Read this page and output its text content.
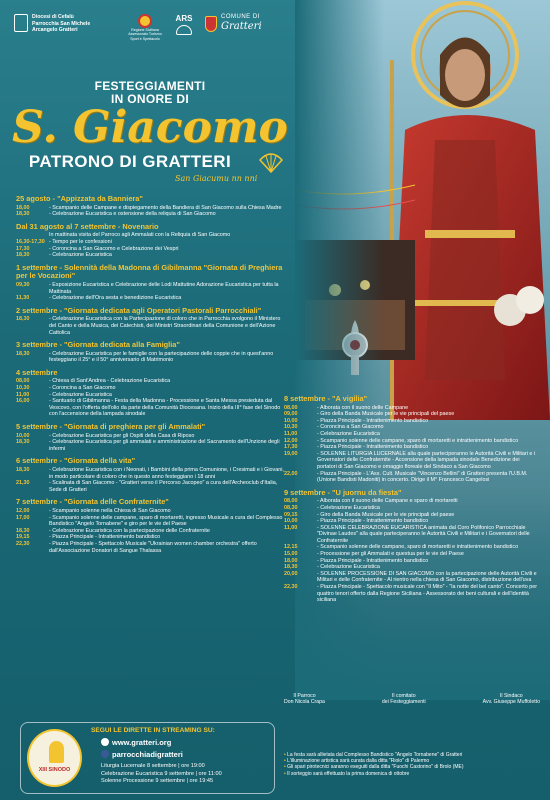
Diocesi di Cefalù
Parrocchia San Michele Arcangelo Gratteri	Regione Siciliana Assessorato Turismo Sport e Spettacolo
ARS	COMUNE DI
Gratteri
FESTEGGIAMENTI
IN ONORE DI
S. Giacomo
PATRONO DI GRATTERI
San Giacumu nn nni
25 agosto - "Appizzata da Banniera"
18,00	- Scampanio delle Campane e dispiegamento della Bandiera di San Giacomo sulla Chiesa Madre
18,30	- Celebrazione Eucaristica e ostensione della reliquia di San Giacomo
Dal 31 agosto al 7 settembre - Novenario
In mattinata visita del Parroco agli Ammalati con la Reliquia di San Giacomo
16,30-17,30 - Tempo per le confessioni
17,30	- Coroncina a San Giacomo e Celebrazione dei Vespri
18,30	- Celebrazione Eucaristica
1 settembre - Solennità della Madonna di Gibilmanna "Giornata di Preghiera per le Vocazioni"
09,30	- Esposizione Eucaristica e Celebrazione delle Lodi Mattutine Adorazione Eucaristica per tutta la Mattinata
11,30	- Celebrazione dell'Ora sesta e benedizione Eucaristica
2 settembre - "Giornata dedicata agli Operatori Pastorali Parrocchiali"
18,30	- Celebrazione Eucaristica con la Partecipazione di coloro che in Parrocchia svolgono il Ministero del Canto e della Musica, dei Catechisti, dei Ministri Straordinari della Comunione e dell'Azione Cattolica
3 settembre - "Giornata dedicata alla Famiglia"
18,30	- Celebrazione Eucaristica per le famiglie con la partecipazione delle coppie che in quest'anno festeggiano il 25° e il 50° anniversario di Matrimonio
4 settembre
08,00	- Chiesa di Sant'Andrea - Celebrazione Eucaristica
10,30	- Coroncina a San Giacomo
11,00	- Celebrazione Eucaristica
16,00	- Santuario di Gibilmanna - Festa della Madonna - Processione e Santa Messa presieduta dal Vescovo, con l'offerta dell'olio da parte della Comunità Diocesana. Inizio della III° fase del Sinodo con l'accensione della lampada sinodale
5 settembre - "Giornata di preghiera per gli Ammalati"
10,00	- Celebrazione Eucaristica per gli Ospiti della Casa di Riposo
18,30	- Celebrazione Eucaristica per gli ammalati e amministrazione del Sacramento dell'Unzione degli infermi
6 settembre - "Giornata della vita"
18,30	- Celebrazione Eucaristica con i Neonati, i Bambini della prima Comunione, i Cresimati e i Giovani, in modo particolare di coloro che in questo anno festeggiano i 18 anni
21,30	- Scalinata di San Giacomo - "Gratteri verso il Percorso Jacopeo" a cura dell'Archeoclub d'Italia, Sede di Gratteri
7 settembre - "Giornata delle Confraternite"
12,00	- Scampanio solenne nella Chiesa di San Giacomo
17,00	- Scampanio solenne delle campane, sparo di mortaretti, ingresso Musicale a cura del Complesso Bandistico "Angelo Tornabene" e giro per le vie del Paese
18,30	- Celebrazione Eucaristica con la partecipazione delle Confraternite
19,15	- Piazza Principale - Intrattenimento bandistico
22,30	- Piazza Principale - Spettacolo Musicale "Ukrainian women chamber orchestra" offerto dall'Associazione Donatori di Sangue Thalassa
8 settembre - "A vigilia"
08,00	- Alborata con il suono delle Campane
09,00	- Giro della Banda Musicale per le vie principali del paese
10,00	- Piazza Principale - Intrattenimento bandistico
10,30	- Coroncina a San Giacomo
11,00	- Celebrazione Eucaristica
12,00	- Scampanio solenne delle campane, sparo di mortaretti e intrattenimento bandistico
17,30	- Piazza Principale - Intrattenimento bandistico
19,00	- SOLENNE LITURGIA LUCERNALE alla quale parteciperanno le Autorità Civili e Militari e i Governatori delle Confraternite - Accensione della lampada sinodale Benedizione dei portatori di San Giacomo e omaggio floreale del Sindaco a San Giacomo
22,00	- Piazza Principale - L'Ass. Cult. Musicale "Vincenzo Bellini" di Gratteri presenta l'U.B.M. (Unione Bandisti Madoniti) in concerto. Dirige il M° Francesco Cangelosi
9 settembre - "U juornu da fiesta"
08,00	- Alborata con il suono delle Campane e sparo di mortaretti
08,30	- Celebrazione Eucaristica
09,15	- Giro della Banda Musicale per le vie principali del paese
10,00	- Piazza Principale - Intrattenimento bandistico
11,00	- SOLENNE CELEBRAZIONE EUCARISTICA animata dal Coro Polifonico Parrocchiale "Divinae Laudes" alla quale parteciperanno le Autorità Civili e Militari e i Governatori delle Confraternite
12,15	- Scampanio solenne delle campane, sparo di mortaretti e intrattenimento bandistico
15,00	- Processione per gli Ammalati e questua per le vie del Paese
18,00	- Piazza Principale - Intrattenimento bandistico
18,30	- Celebrazione Eucaristica
20,00	- SOLENNE PROCESSIONE DI SAN GIACOMO con la partecipazione delle Autorità Civili e Militari e delle Confraternite - Al rientro nella chiesa di San Giacomo, distribuzione dell'uva
22,30	- Piazza Principale - Spettacolo musicale con "Il Mito" - "la notte del bel canto". Concerto per quattro tenori offerto dalla Regione Siciliana - Assessorato dei beni culturali e dell'identità siciliana
Il Parroco
Don Nicola Crapa
Il comitato
dei Festeggiamenti
Il Sindaco
Avv. Giuseppe Muffoletto
XIII SINODO
SEGUI LE DIRETTE IN STREAMING SU:
www.gratteri.org
parrocchiadigratteri
Liturgia Lucernale 8 settembre | ore 19:00
Celebrazione Eucaristica 9 settembre | ore 11:00
Solenne Processione 9 settembre | ore 19:45
• La festa sarà allietata dal Complesso Bandistico "Angelo Tornabene" di Gratteri
• L'illuminazione artistica sarà curata dalla ditta "Riolo" di Palermo
• Gli spari pirotecnici saranno eseguiti dalla ditta "Fuochi Castorino" di Brolo (ME)
• Il sorteggio sarà effettuato la prima domenica di ottobre
